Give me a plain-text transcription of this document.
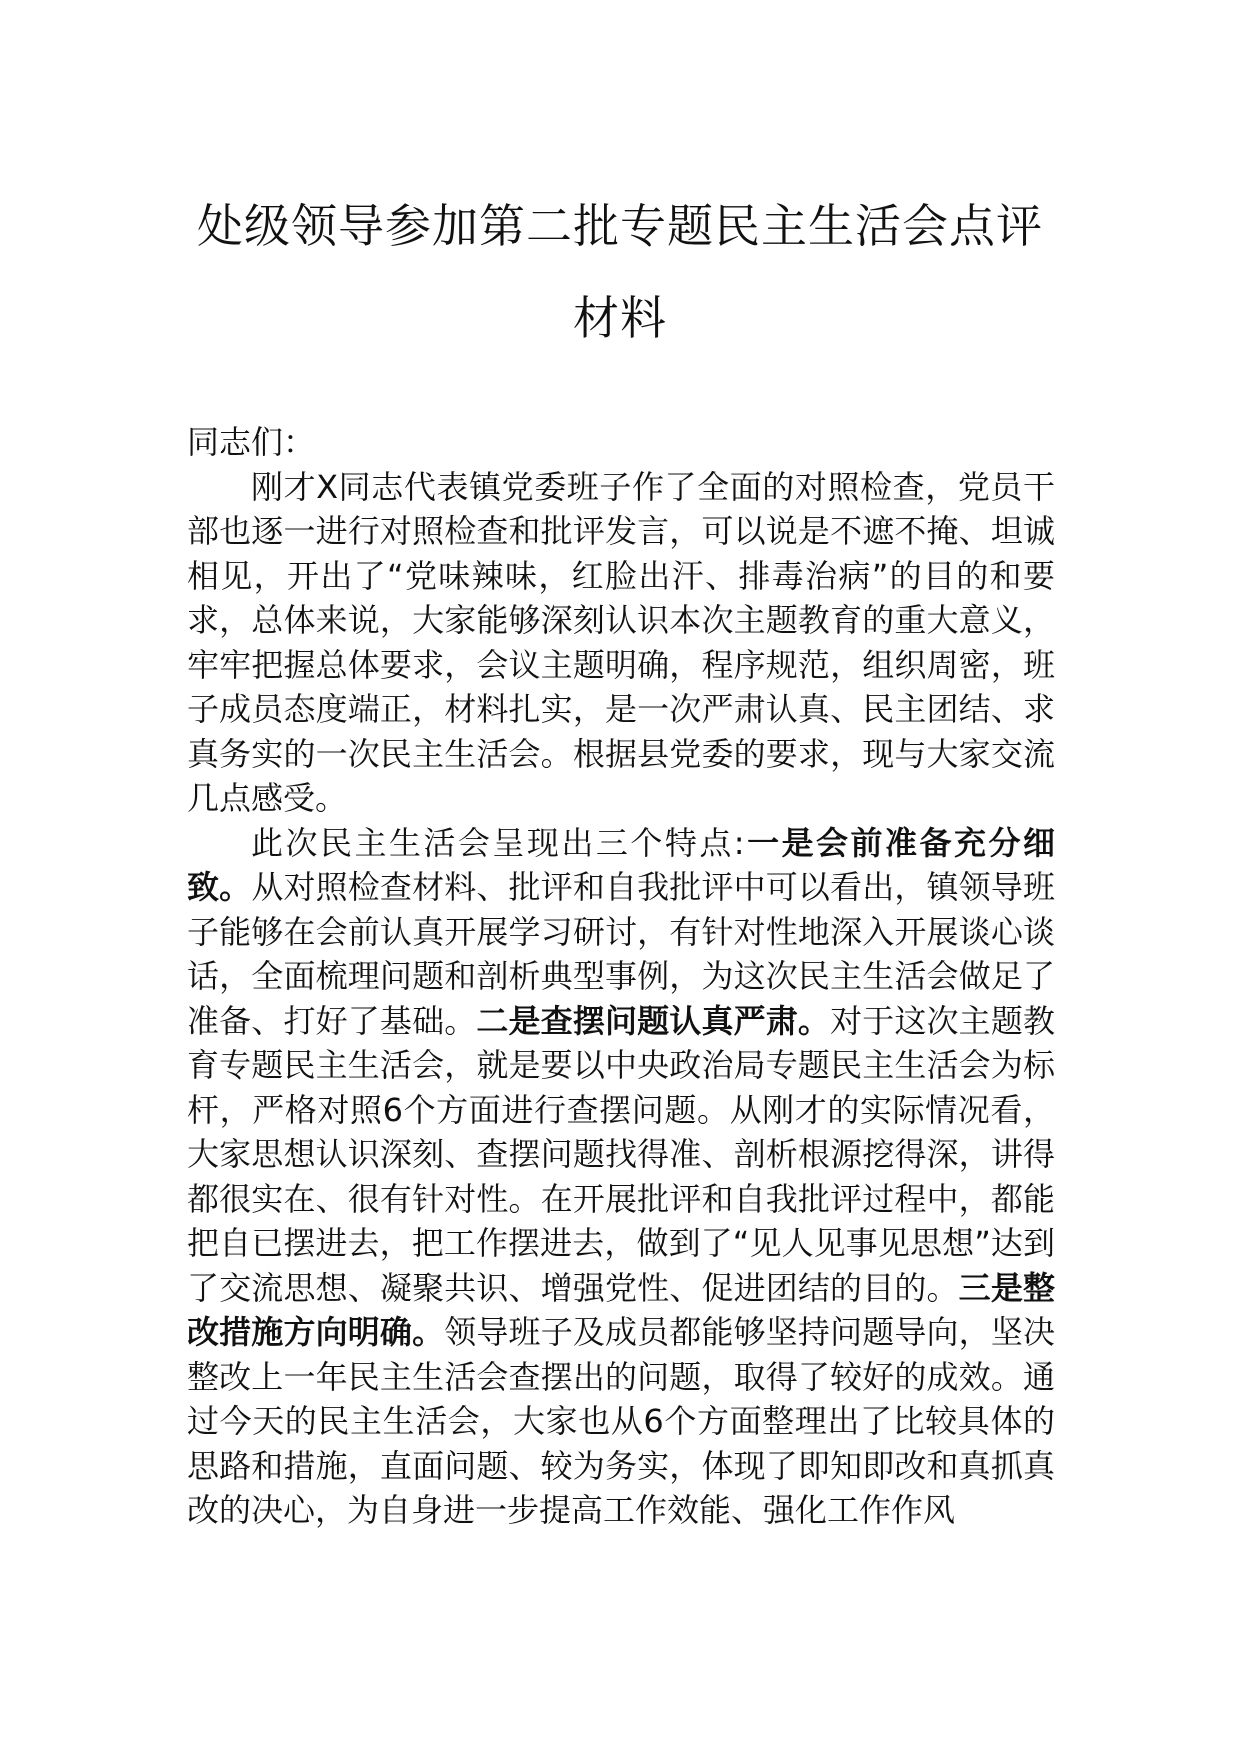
处级领导参加第二批专题民主生活会点评
材料

同志们：

刚才X同志代表镇党委班子作了全面的对照检查，党员干部也逐一进行对照检查和批评发言，可以说是不遮不掩、坦诚相见，开出了“党味辣味，红脸出汗、排毒治病”的目的和要求，总体来说，大家能够深刻认识本次主题教育的重大意义，牢牢把握总体要求，会议主题明确，程序规范，组织周密，班子成员态度端正，材料扎实，是一次严肃认真、民主团结、求真务实的一次民主生活会。根据县党委的要求，现与大家交流几点感受。

此次民主生活会呈现出三个特点:一是会前准备充分细致。从对照检查材料、批评和自我批评中可以看出，镇领导班子能够在会前认真开展学习研讨，有针对性地深入开展谈心谈话，全面梳理问题和剖析典型事例，为这次民主生活会做足了准备、打好了基础。二是查摆问题认真严肃。对于这次主题教育专题民主生活会，就是要以中央政治局专题民主生活会为标杆，严格对照6个方面进行查摆问题。从刚才的实际情况看，大家思想认识深刻、查摆问题找得准、剖析根源挖得深，讲得都很实在、很有针对性。在开展批评和自我批评过程中，都能把自已摆进去，把工作摆进去，做到了“见人见事见思想”达到了交流思想、凝聚共识、增强党性、促进团结的目的。三是整改措施方向明确。领导班子及成员都能够坚持问题导向，坚决整改上一年民主生活会查摆出的问题，取得了较好的成效。通过今天的民主生活会，大家也从6个方面整理出了比较具体的思路和措施，直面问题、较为务实，体现了即知即改和真抓真改的决心，为自身进一步提高工作效能、强化工作作风
